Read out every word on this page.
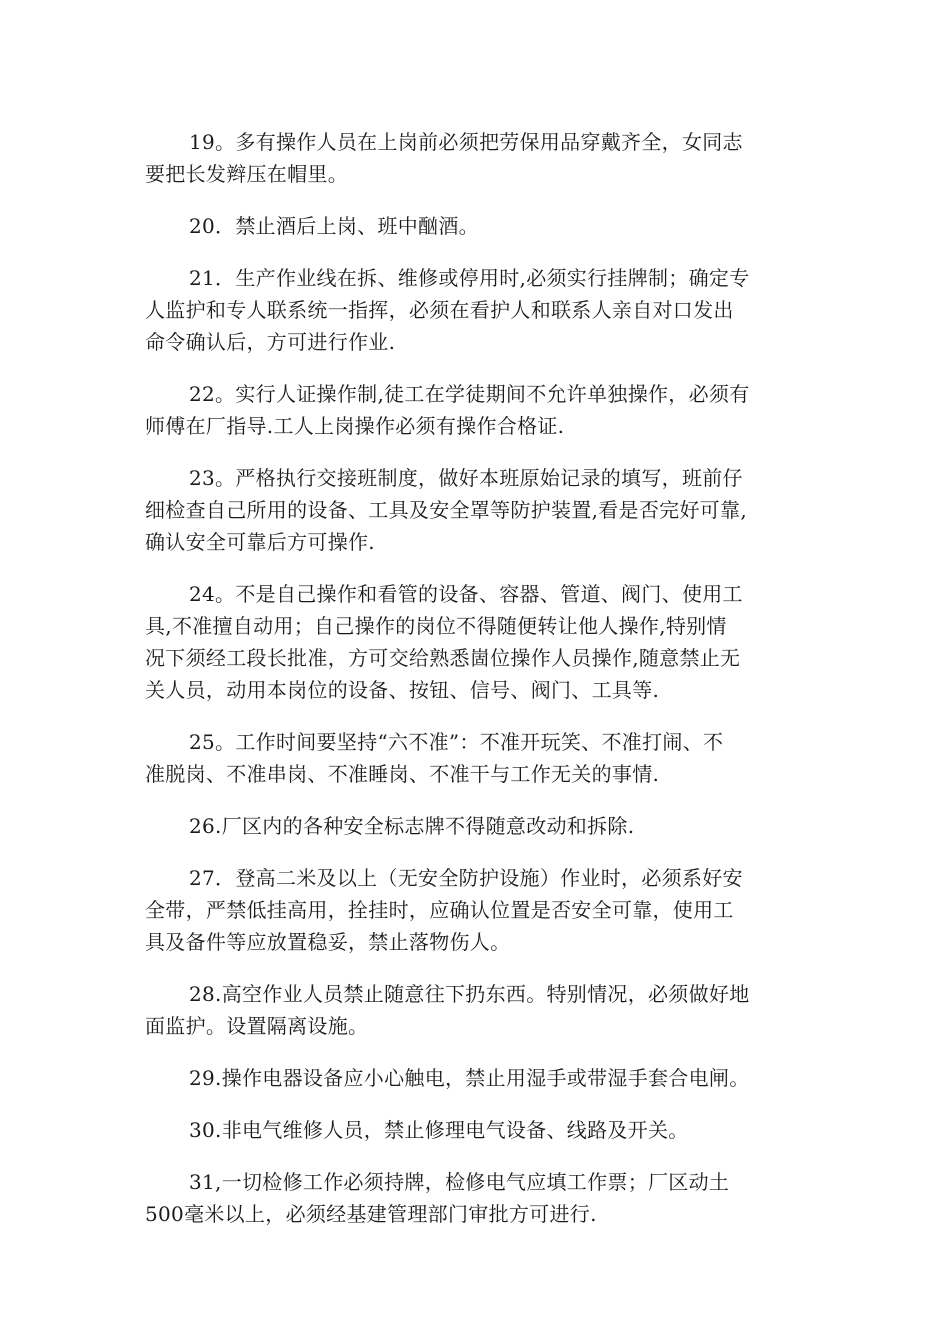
19。多有操作人员在上岗前必须把劳保用品穿戴齐全，女同志
要把长发辫压在帽里。

20．禁止酒后上岗、班中酗酒。

21．生产作业线在拆、维修或停用时,必须实行挂牌制；确定专
人监护和专人联系统一指挥，必须在看护人和联系人亲自对口发出
命令确认后，方可进行作业.

22。实行人证操作制,徒工在学徒期间不允许单独操作，必须有
师傅在厂指导.工人上岗操作必须有操作合格证.

23。严格执行交接班制度，做好本班原始记录的填写，班前仔
细检查自己所用的设备、工具及安全罩等防护装置,看是否完好可靠,
确认安全可靠后方可操作.

24。不是自己操作和看管的设备、容器、管道、阀门、使用工
具,不准擅自动用；自己操作的岗位不得随便转让他人操作,特别情
况下须经工段长批准，方可交给熟悉崮位操作人员操作,随意禁止无
关人员，动用本岗位的设备、按钮、信号、阀门、工具等.

25。工作时间要坚持“六不准”：不准开玩笑、不准打闹、不
准脱岗、不准串岗、不准睡岗、不准干与工作无关的事情.

26.厂区内的各种安全标志牌不得随意改动和拆除.

27．登高二米及以上（无安全防护设施）作业时，必须系好安
全带，严禁低挂高用，拴挂时，应确认位置是否安全可靠，使用工
具及备件等应放置稳妥，禁止落物伤人。

28.高空作业人员禁止随意往下扔东西。特别情况，必须做好地
面监护。设置隔离设施。

29.操作电器设备应小心触电，禁止用湿手或带湿手套合电闸。

30.非电气维修人员，禁止修理电气设备、线路及开关。

31,一切检修工作必须持牌，检修电气应填工作票；厂区动土
500毫米以上，必须经基建管理部门审批方可进行.
